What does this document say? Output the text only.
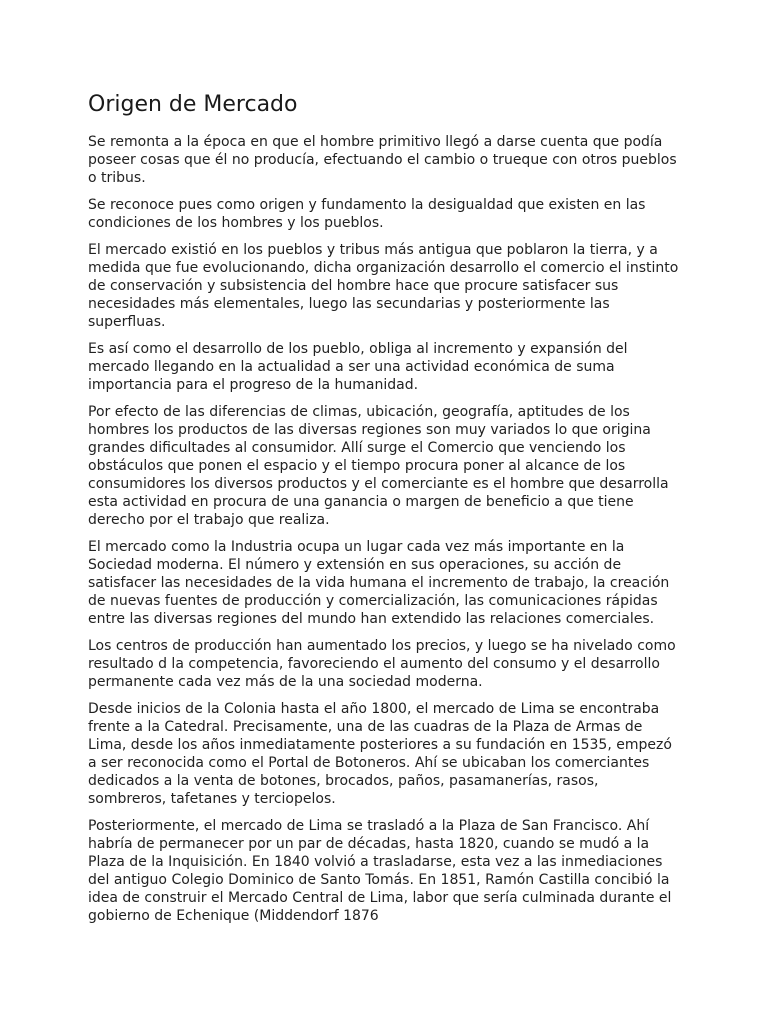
Origen de Mercado

Se remonta a la época en que el hombre primitivo llegó a darse cuenta que podía poseer cosas que él no producía, efectuando el cambio o trueque con otros pueblos o tribus.

Se reconoce pues como origen y fundamento la desigualdad que existen en las condiciones de los hombres y los pueblos.

El mercado existió en los pueblos y tribus más antigua que poblaron la tierra, y a medida que fue evolucionando, dicha organización desarrollo el comercio el instinto de conservación y subsistencia del hombre hace que procure satisfacer sus necesidades más elementales, luego las secundarias y posteriormente las superfluas.

Es así como el desarrollo de los pueblo, obliga al incremento y expansión del mercado llegando en la actualidad a ser una actividad económica de suma importancia para el progreso de la humanidad.

Por efecto de las diferencias de climas, ubicación, geografía, aptitudes de los hombres los productos de las diversas regiones son muy variados lo que origina grandes dificultades al consumidor. Allí surge el Comercio que venciendo los obstáculos que ponen el espacio y el tiempo procura poner al alcance de los consumidores los diversos productos y el comerciante es el hombre que desarrolla esta actividad en procura de una ganancia o margen de beneficio a que tiene derecho por el trabajo que realiza.

El mercado como la Industria ocupa un lugar cada vez más importante en la Sociedad moderna. El número y extensión en sus operaciones, su acción de satisfacer las necesidades de la vida humana el incremento de trabajo, la creación de nuevas fuentes de producción y comercialización, las comunicaciones rápidas entre las diversas regiones del mundo han extendido las relaciones comerciales.

Los centros de producción han aumentado los precios, y luego se ha nivelado como resultado d la competencia, favoreciendo el aumento del consumo y el desarrollo permanente cada vez más de la una sociedad moderna.

Desde inicios de la Colonia hasta el año 1800, el mercado de Lima se encontraba frente a la Catedral. Precisamente, una de las cuadras de la Plaza de Armas de Lima, desde los años inmediatamente posteriores a su fundación en 1535, empezó a ser reconocida como el Portal de Botoneros. Ahí se ubicaban los comerciantes dedicados a la venta de botones, brocados, paños, pasamanerías, rasos, sombreros, tafetanes y terciopelos.

Posteriormente, el mercado de Lima se trasladó a la Plaza de San Francisco. Ahí habría de permanecer por un par de décadas, hasta 1820, cuando se mudó a la Plaza de la Inquisición. En 1840 volvió a trasladarse, esta vez a las inmediaciones del antiguo Colegio Dominico de Santo Tomás. En 1851, Ramón Castilla concibió la idea de construir el Mercado Central de Lima, labor que sería culminada durante el gobierno de Echenique (Middendorf 1876
